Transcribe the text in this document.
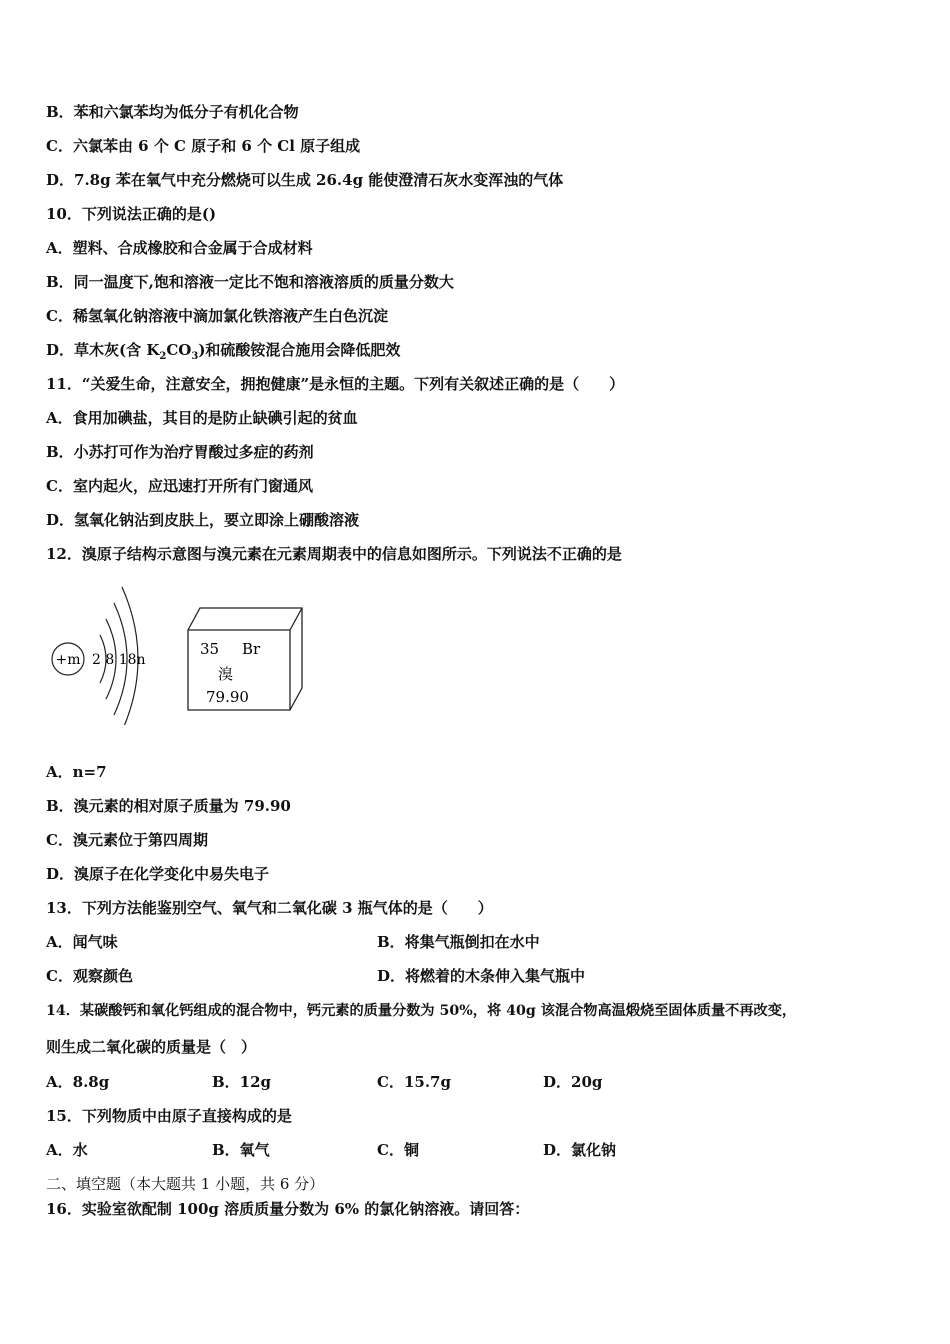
B．苯和六氯苯均为低分子有机化合物
C．六氯苯由 6 个 C 原子和 6 个 Cl 原子组成
D．7.8g 苯在氧气中充分燃烧可以生成 26.4g 能使澄清石灰水变浑浊的气体
10．下列说法正确的是()
A．塑料、合成橡胶和合金属于合成材料
B．同一温度下,饱和溶液一定比不饱和溶液溶质的质量分数大
C．稀氢氧化钠溶液中滴加氯化铁溶液产生白色沉淀
D．草木灰(含 $K_2CO_3$)和硫酸铵混合施用会降低肥效
11．“关爱生命，注意安全，拥抱健康”是永恒的主题。下列有关叙述正确的是（　　）
A．食用加碘盐，其目的是防止缺碘引起的贫血
B．小苏打可作为治疗胃酸过多症的药剂
C．室内起火，应迅速打开所有门窗通风
D．氢氧化钠沾到皮肤上，要立即涂上硼酸溶液
12．溴原子结构示意图与溴元素在元素周期表中的信息如图所示。下列说法不正确的是
+m 2 8 18n
35 Br
溴
79.90
A．n=7
B．溴元素的相对原子质量为 79.90
C．溴元素位于第四周期
D．溴原子在化学变化中易失电子
13．下列方法能鉴别空气、氧气和二氧化碳 3 瓶气体的是（　　）
A．闻气味	B．将集气瓶倒扣在水中
C．观察颜色	D．将燃着的木条伸入集气瓶中
14．某碳酸钙和氧化钙组成的混合物中，钙元素的质量分数为 50%，将 40g 该混合物高温煅烧至固体质量不再改变，
则生成二氧化碳的质量是（　）
A．8.8g	B．12g	C．15.7g	D．20g
15．下列物质中由原子直接构成的是
A．水	B．氧气	C．铜	D．氯化钠
二、填空题（本大题共 1 小题，共 6 分）
16．实验室欲配制 100g 溶质质量分数为 6% 的氯化钠溶液。请回答：
